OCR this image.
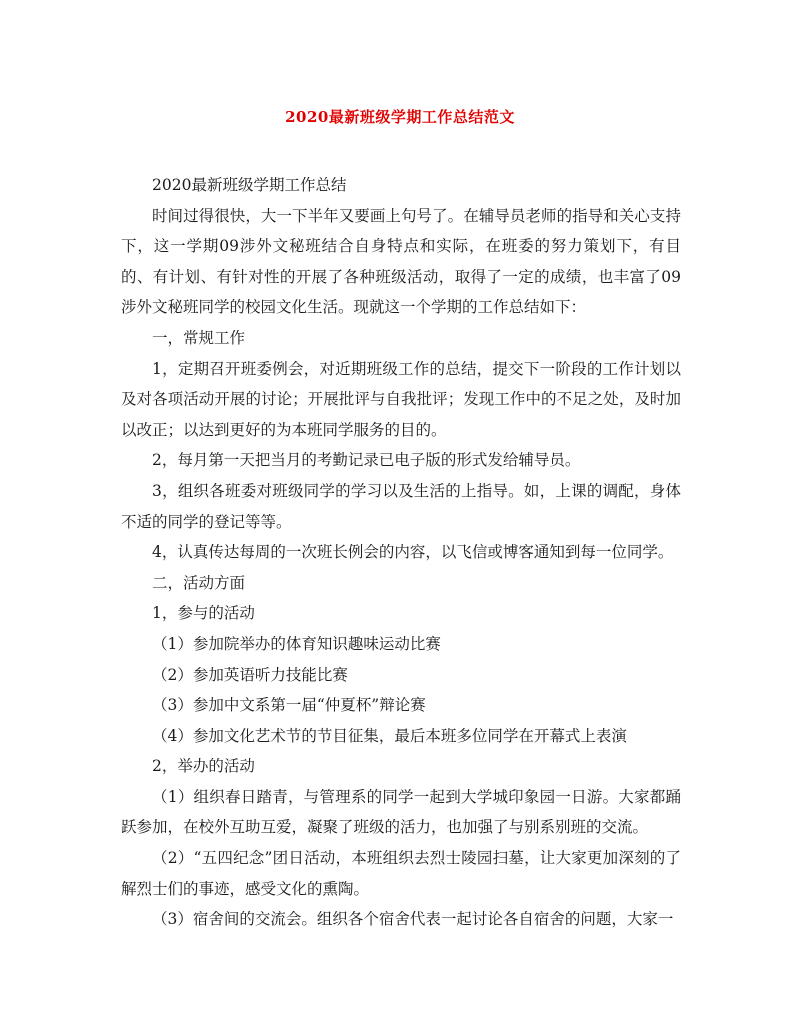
2020最新班级学期工作总结范文

2020最新班级学期工作总结

时间过得很快，大一下半年又要画上句号了。在辅导员老师的指导和关心支持下，这一学期09涉外文秘班结合自身特点和实际，在班委的努力策划下，有目的、有计划、有针对性的开展了各种班级活动，取得了一定的成绩，也丰富了09涉外文秘班同学的校园文化生活。现就这一个学期的工作总结如下：

一，常规工作

1，定期召开班委例会，对近期班级工作的总结，提交下一阶段的工作计划以及对各项活动开展的讨论；开展批评与自我批评；发现工作中的不足之处，及时加以改正；以达到更好的为本班同学服务的目的。

2，每月第一天把当月的考勤记录已电子版的形式发给辅导员。

3，组织各班委对班级同学的学习以及生活的上指导。如，上课的调配，身体不适的同学的登记等等。

4，认真传达每周的一次班长例会的内容，以飞信或博客通知到每一位同学。

二，活动方面

1，参与的活动

（1）参加院举办的体育知识趣味运动比赛

（2）参加英语听力技能比赛

（3）参加中文系第一届“仲夏杯”辩论赛

（4）参加文化艺术节的节目征集，最后本班多位同学在开幕式上表演

2，举办的活动

（1）组织春日踏青，与管理系的同学一起到大学城印象园一日游。大家都踊跃参加，在校外互助互爱，凝聚了班级的活力，也加强了与别系别班的交流。

（2）“五四纪念”团日活动，本班组织去烈士陵园扫墓，让大家更加深刻的了解烈士们的事迹，感受文化的熏陶。

（3）宿舍间的交流会。组织各个宿舍代表一起讨论各自宿舍的问题，大家一
